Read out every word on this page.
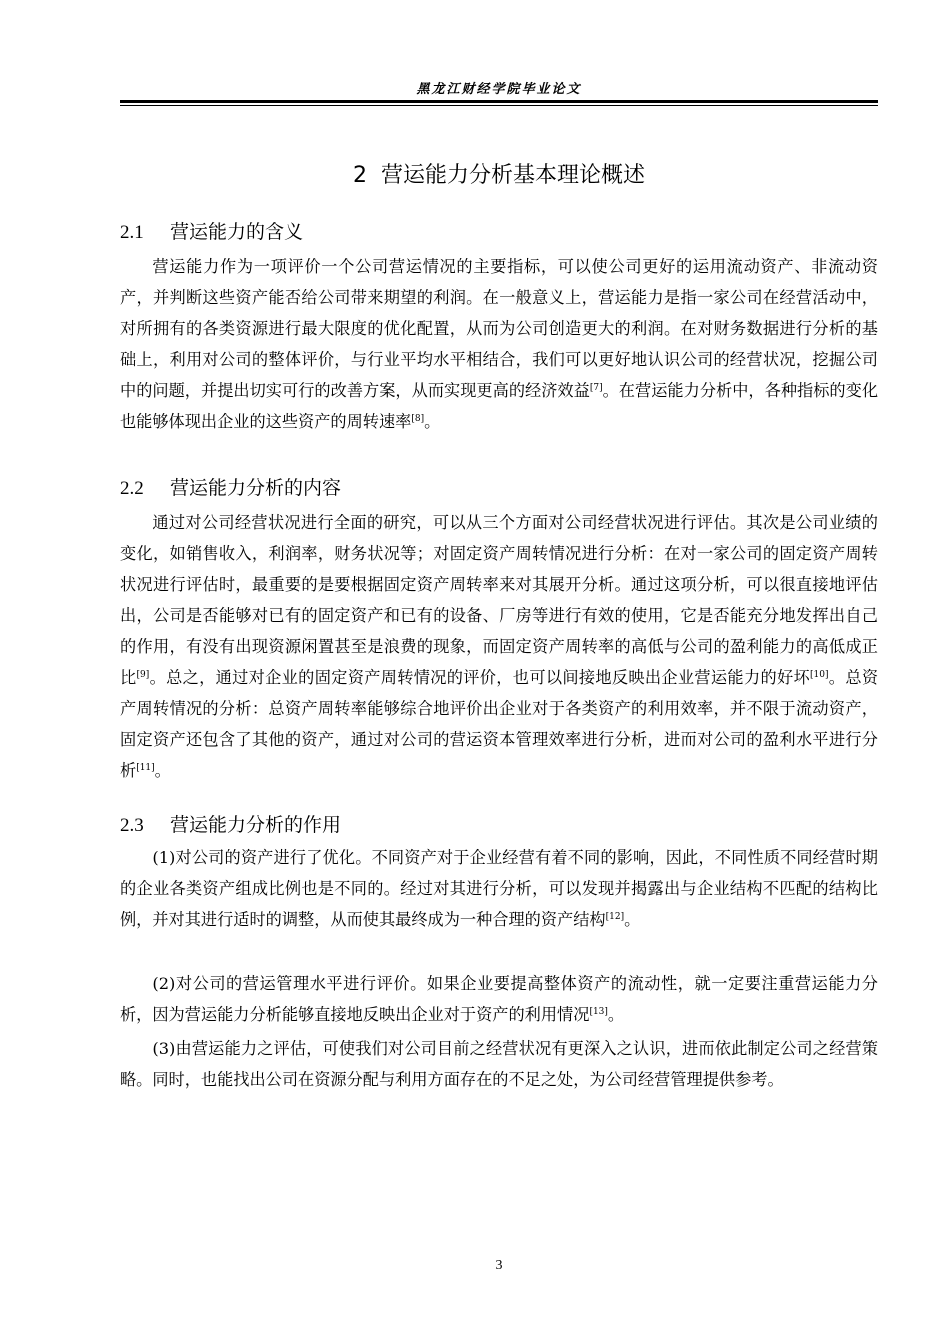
黑龙江财经学院毕业论文
2 营运能力分析基本理论概述
2.1 营运能力的含义

营运能力作为一项评价一个公司营运情况的主要指标，可以使公司更好的运用流动资产、非流动资产，并判断这些资产能否给公司带来期望的利润。在一般意义上，营运能力是指一家公司在经营活动中，对所拥有的各类资源进行最大限度的优化配置，从而为公司创造更大的利润。在对财务数据进行分析的基础上，利用对公司的整体评价，与行业平均水平相结合，我们可以更好地认识公司的经营状况，挖掘公司中的问题，并提出切实可行的改善方案，从而实现更高的经济效益[7]。在营运能力分析中，各种指标的变化也能够体现出企业的这些资产的周转速率[8]。

2.2 营运能力分析的内容

通过对公司经营状况进行全面的研究，可以从三个方面对公司经营状况进行评估。其次是公司业绩的变化，如销售收入，利润率，财务状况等；对固定资产周转情况进行分析：在对一家公司的固定资产周转状况进行评估时，最重要的是要根据固定资产周转率来对其展开分析。通过这项分析，可以很直接地评估出，公司是否能够对已有的固定资产和已有的设备、厂房等进行有效的使用，它是否能充分地发挥出自己的作用，有没有出现资源闲置甚至是浪费的现象，而固定资产周转率的高低与公司的盈利能力的高低成正比[9]。总之，通过对企业的固定资产周转情况的评价，也可以间接地反映出企业营运能力的好坏[10]。总资产周转情况的分析：总资产周转率能够综合地评价出企业对于各类资产的利用效率，并不限于流动资产，固定资产还包含了其他的资产，通过对公司的营运资本管理效率进行分析，进而对公司的盈利水平进行分析[11]。

2.3 营运能力分析的作用

(1)对公司的资产进行了优化。不同资产对于企业经营有着不同的影响，因此，不同性质不同经营时期的企业各类资产组成比例也是不同的。经过对其进行分析，可以发现并揭露出与企业结构不匹配的结构比例，并对其进行适时的调整，从而使其最终成为一种合理的资产结构[12]。

(2)对公司的营运管理水平进行评价。如果企业要提高整体资产的流动性，就一定要注重营运能力分析，因为营运能力分析能够直接地反映出企业对于资产的利用情况[13]。

(3)由营运能力之评估，可使我们对公司目前之经营状况有更深入之认识，进而依此制定公司之经营策略。同时，也能找出公司在资源分配与利用方面存在的不足之处，为公司经营管理提供参考。

3
